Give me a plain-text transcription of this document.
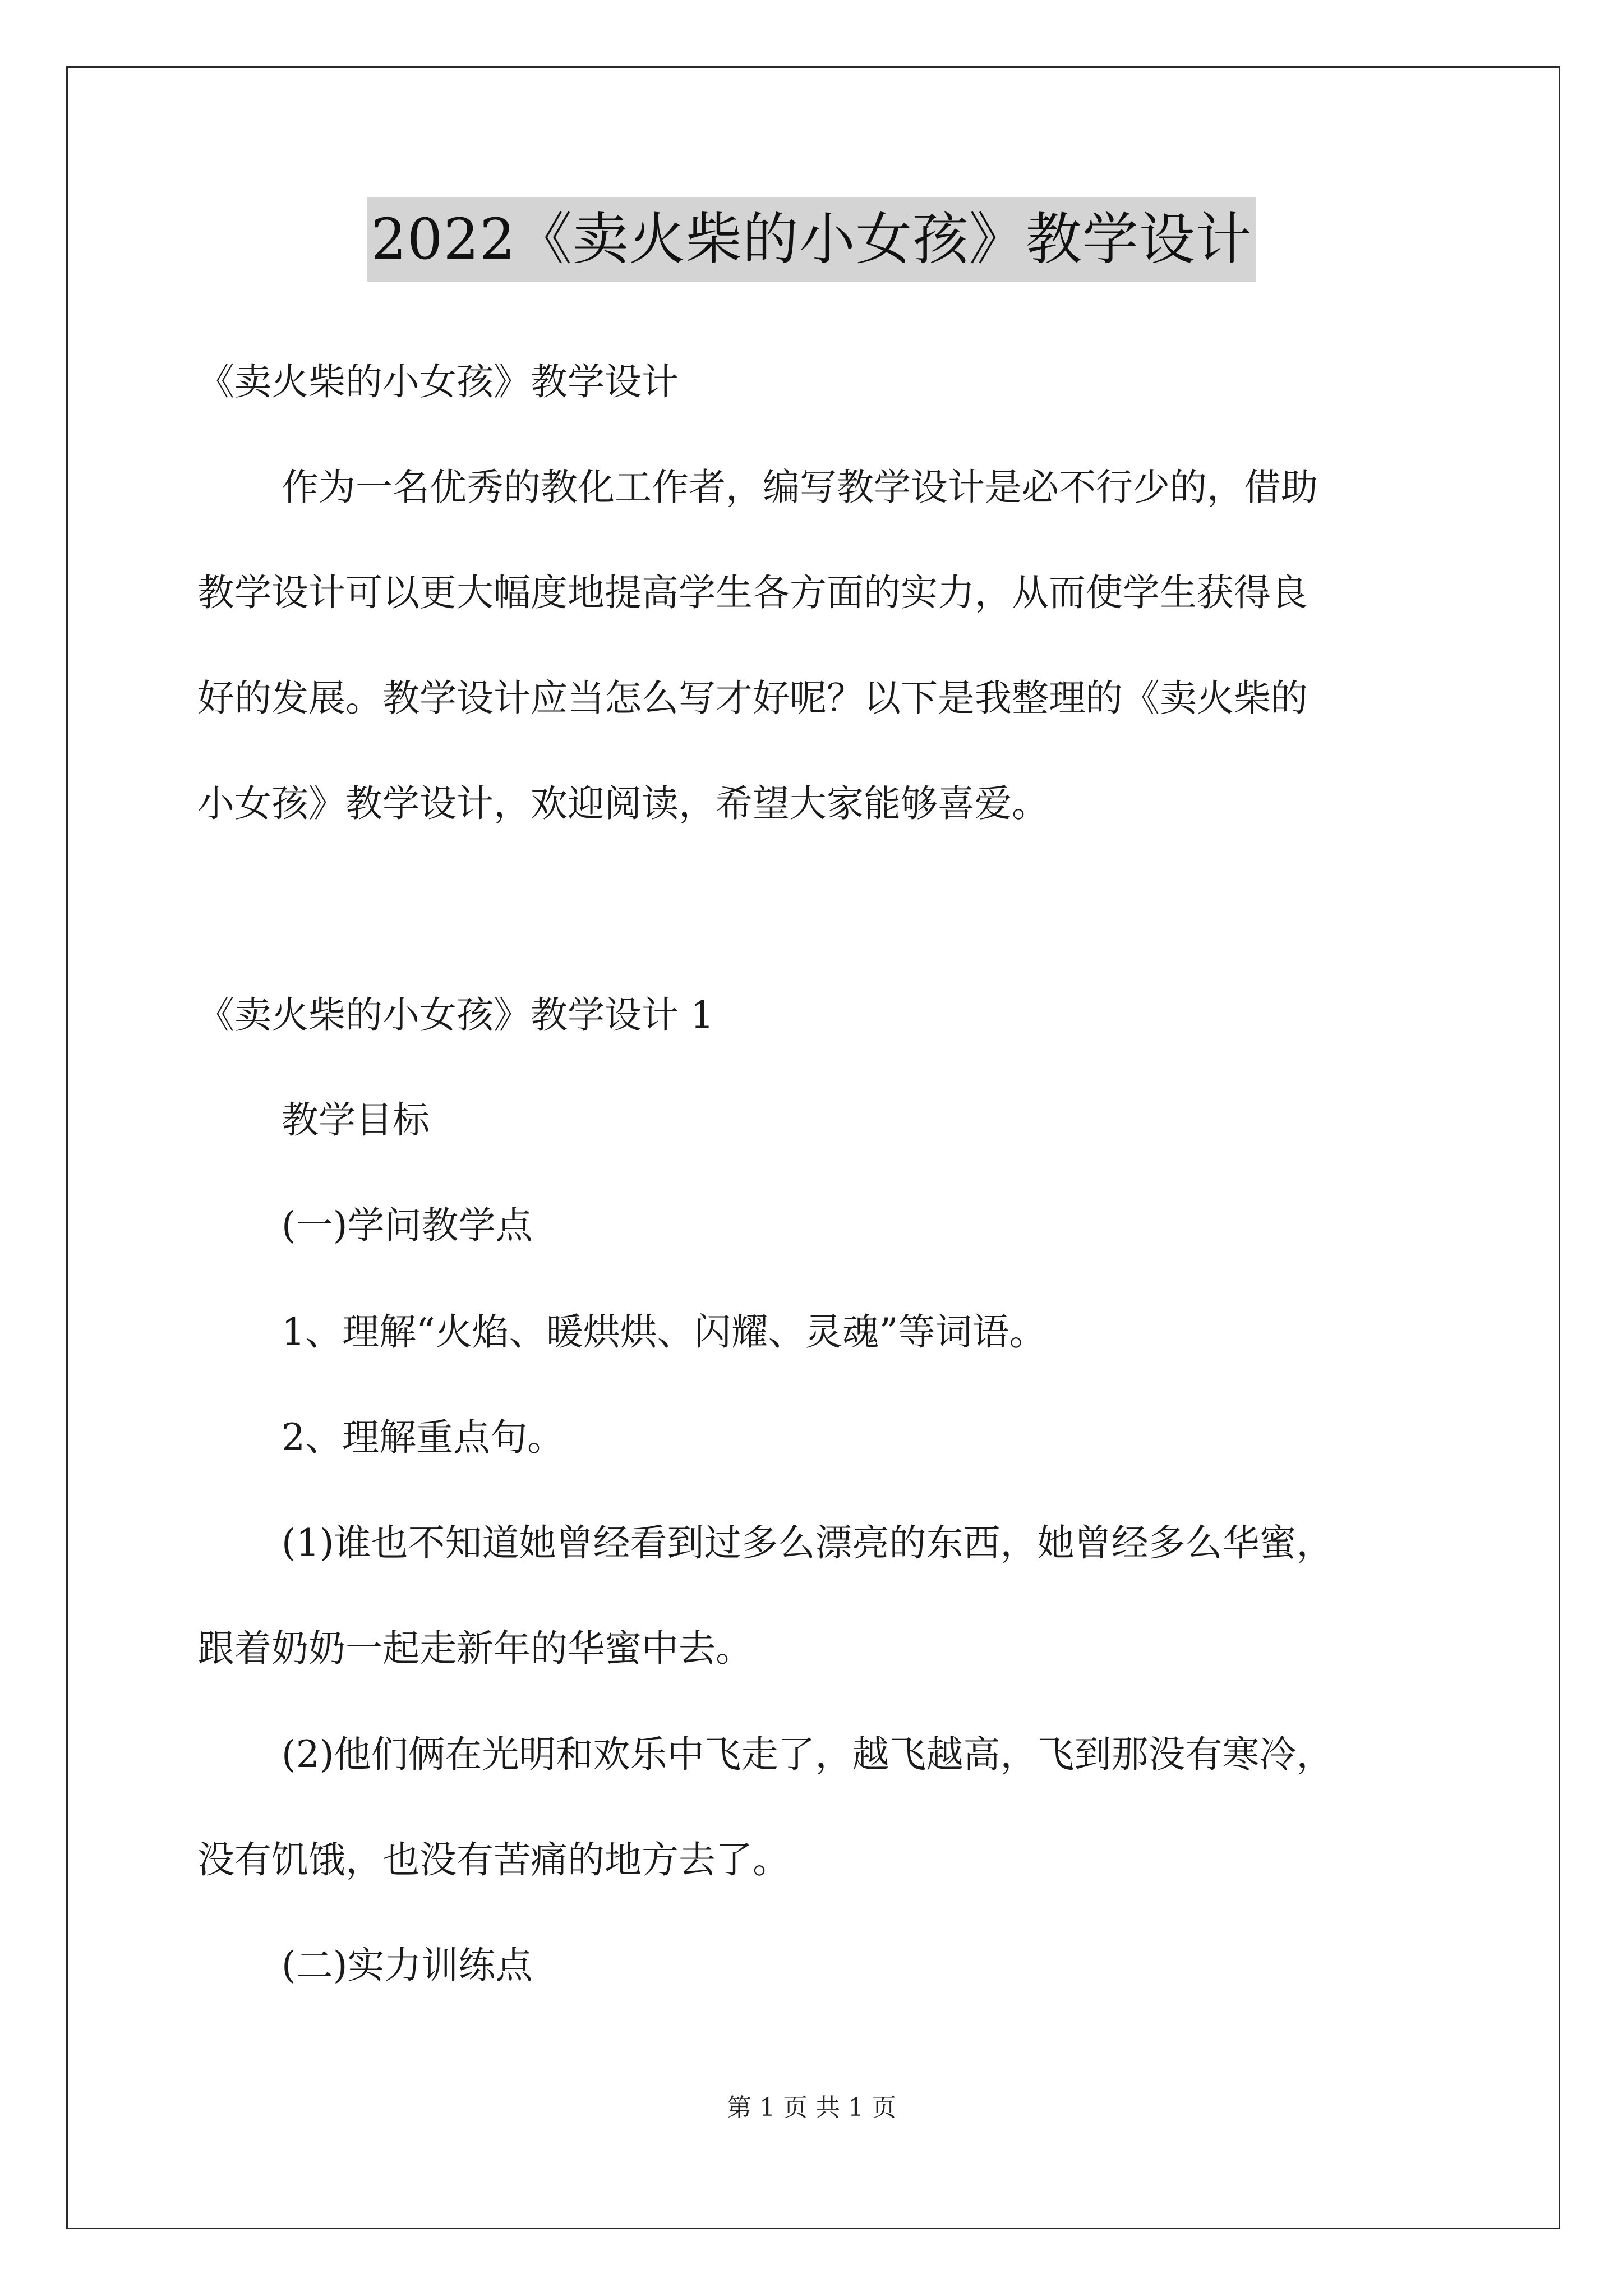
2022《卖火柴的小女孩》教学设计
《卖火柴的小女孩》教学设计
作为一名优秀的教化工作者，编写教学设计是必不行少的，借助
教学设计可以更大幅度地提高学生各方面的实力，从而使学生获得良
好的发展。教学设计应当怎么写才好呢？以下是我整理的《卖火柴的
小女孩》教学设计，欢迎阅读，希望大家能够喜爱。
《卖火柴的小女孩》教学设计 1
教学目标
(一)学问教学点
1、理解“火焰、暖烘烘、闪耀、灵魂”等词语。
2、理解重点句。
(1)谁也不知道她曾经看到过多么漂亮的东西，她曾经多么华蜜，
跟着奶奶一起走新年的华蜜中去。
(2)他们俩在光明和欢乐中飞走了，越飞越高，飞到那没有寒冷，
没有饥饿，也没有苦痛的地方去了。
(二)实力训练点
第 1 页 共 1 页
